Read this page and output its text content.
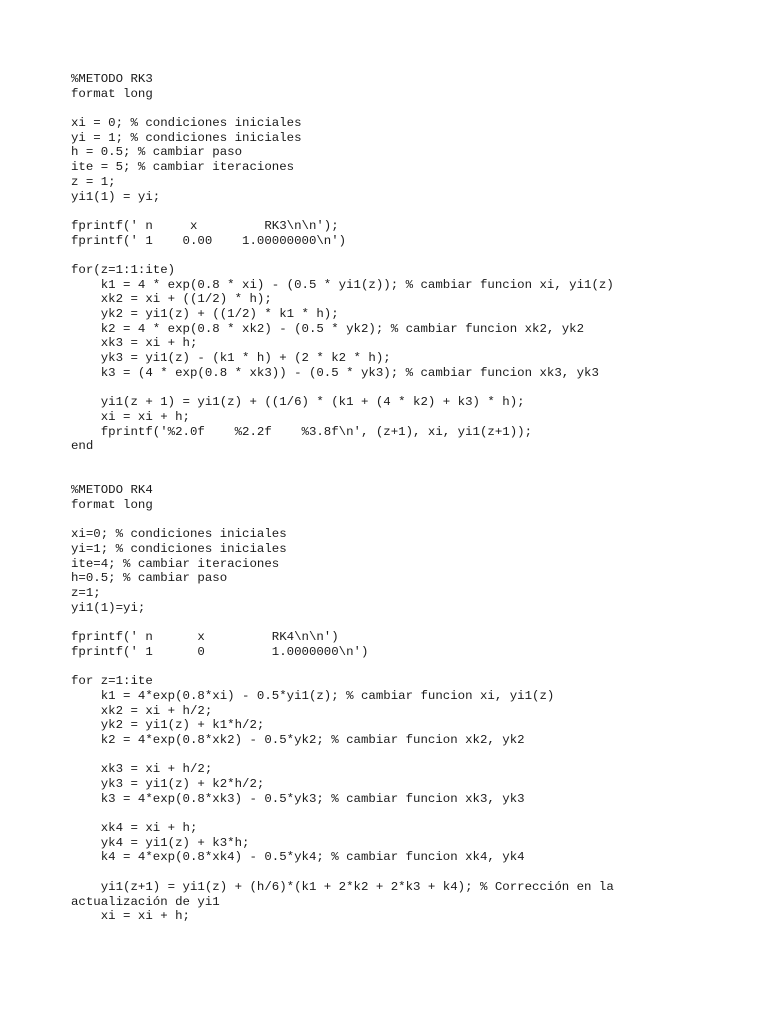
%METODO RK3
format long
xi = 0; % condiciones iniciales
yi = 1; % condiciones iniciales
h = 0.5; % cambiar paso
ite = 5; % cambiar iteraciones
z = 1;
yi1(1) = yi;
fprintf(' n     x         RK3\n\n');
fprintf(' 1    0.00    1.00000000\n')
for(z=1:1:ite)
k1 = 4 * exp(0.8 * xi) - (0.5 * yi1(z)); % cambiar funcion xi, yi1(z)
xk2 = xi + ((1/2) * h);
yk2 = yi1(z) + ((1/2) * k1 * h);
k2 = 4 * exp(0.8 * xk2) - (0.5 * yk2); % cambiar funcion xk2, yk2
xk3 = xi + h;
yk3 = yi1(z) - (k1 * h) + (2 * k2 * h);
k3 = (4 * exp(0.8 * xk3)) - (0.5 * yk3); % cambiar funcion xk3, yk3
yi1(z + 1) = yi1(z) + ((1/6) * (k1 + (4 * k2) + k3) * h);
xi = xi + h;
fprintf('%2.0f    %2.2f    %3.8f\n', (z+1), xi, yi1(z+1));
end
%METODO RK4
format long
xi=0; % condiciones iniciales
yi=1; % condiciones iniciales
ite=4; % cambiar iteraciones
h=0.5; % cambiar paso
z=1;
yi1(1)=yi;
fprintf(' n      x         RK4\n\n')
fprintf(' 1      0         1.0000000\n')
for z=1:ite
k1 = 4*exp(0.8*xi) - 0.5*yi1(z); % cambiar funcion xi, yi1(z)
xk2 = xi + h/2;
yk2 = yi1(z) + k1*h/2;
k2 = 4*exp(0.8*xk2) - 0.5*yk2; % cambiar funcion xk2, yk2
xk3 = xi + h/2;
yk3 = yi1(z) + k2*h/2;
k3 = 4*exp(0.8*xk3) - 0.5*yk3; % cambiar funcion xk3, yk3
xk4 = xi + h;
yk4 = yi1(z) + k3*h;
k4 = 4*exp(0.8*xk4) - 0.5*yk4; % cambiar funcion xk4, yk4
yi1(z+1) = yi1(z) + (h/6)*(k1 + 2*k2 + 2*k3 + k4); % Corrección en la
actualización de yi1
xi = xi + h;
